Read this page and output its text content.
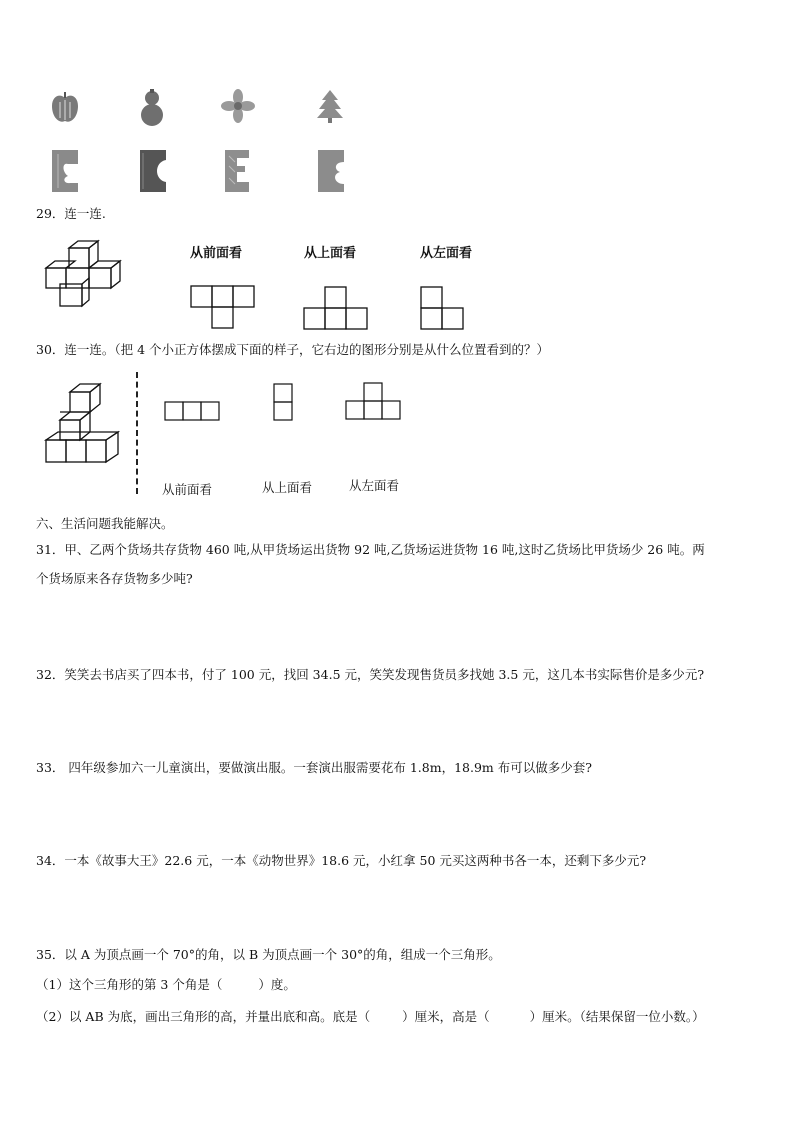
29．连一连.
从前面看	从上面看	从左面看
30．连一连。（把 4 个小正方体摆成下面的样子，它右边的图形分别是从什么位置看到的？）
从前面看	从上面看	从左面看
六、生活问题我能解决。
31．甲、乙两个货场共存货物 460 吨,从甲货场运出货物 92 吨,乙货场运进货物 16 吨,这时乙货场比甲货场少 26 吨。两
个货场原来各存货物多少吨?
32．笑笑去书店买了四本书，付了 100 元，找回 34.5 元，笑笑发现售货员多找她 3.5 元，这几本书实际售价是多少元?
33． 四年级参加六一儿童演出，要做演出服。一套演出服需要花布 1.8m，18.9m 布可以做多少套?
34．一本《故事大王》22.6 元，一本《动物世界》18.6 元，小红拿 50 元买这两种书各一本，还剩下多少元?
35．以 A 为顶点画一个 70°的角，以 B 为顶点画一个 30°的角，组成一个三角形。
（1）这个三角形的第 3 个角是（	）度。
（2）以 AB 为底，画出三角形的高，并量出底和高。底是（	）厘米，高是（	）厘米。（结果保留一位小数。）
